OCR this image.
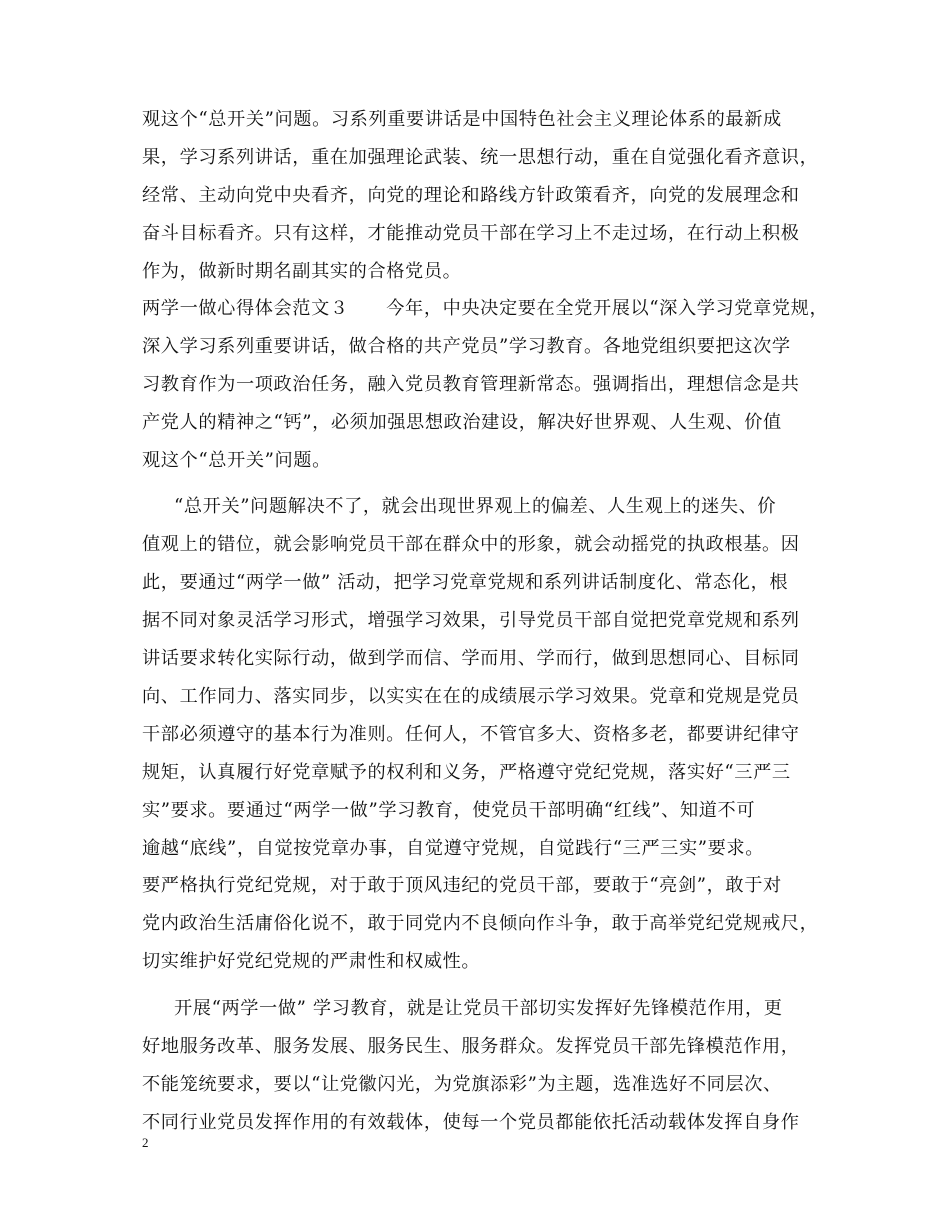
观这个“总开关”问题。习系列重要讲话是中国特色社会主义理论体系的最新成
果，学习系列讲话，重在加强理论武装、统一思想行动，重在自觉强化看齐意识，
经常、主动向党中央看齐，向党的理论和路线方针政策看齐，向党的发展理念和
奋斗目标看齐。只有这样，才能推动党员干部在学习上不走过场，在行动上积极
作为，做新时期名副其实的合格党员。
两学一做心得体会范文３　　今年，中央决定要在全党开展以“深入学习党章党规，
深入学习系列重要讲话，做合格的共产党员”学习教育。各地党组织要把这次学
习教育作为一项政治任务，融入党员教育管理新常态。强调指出，理想信念是共
产党人的精神之“钙”，必须加强思想政治建设，解决好世界观、人生观、价值
观这个“总开关”问题。
“总开关”问题解决不了，就会出现世界观上的偏差、人生观上的迷失、价
值观上的错位，就会影响党员干部在群众中的形象，就会动摇党的执政根基。因
此，要通过“两学一做” 活动，把学习党章党规和系列讲话制度化、常态化，根
据不同对象灵活学习形式，增强学习效果，引导党员干部自觉把党章党规和系列
讲话要求转化实际行动，做到学而信、学而用、学而行，做到思想同心、目标同
向、工作同力、落实同步，以实实在在的成绩展示学习效果。党章和党规是党员
干部必须遵守的基本行为准则。任何人，不管官多大、资格多老，都要讲纪律守
规矩，认真履行好党章赋予的权利和义务，严格遵守党纪党规，落实好“三严三
实”要求。要通过“两学一做”学习教育，使党员干部明确“红线”、知道不可
逾越“底线”，自觉按党章办事，自觉遵守党规，自觉践行“三严三实”要求。
要严格执行党纪党规，对于敢于顶风违纪的党员干部，要敢于“亮剑”，敢于对
党内政治生活庸俗化说不，敢于同党内不良倾向作斗争，敢于高举党纪党规戒尺，
切实维护好党纪党规的严肃性和权威性。
开展“两学一做” 学习教育，就是让党员干部切实发挥好先锋模范作用，更
好地服务改革、服务发展、服务民生、服务群众。发挥党员干部先锋模范作用，
不能笼统要求，要以“让党徽闪光，为党旗添彩”为主题，选准选好不同层次、
不同行业党员发挥作用的有效载体，使每一个党员都能依托活动载体发挥自身作
2
